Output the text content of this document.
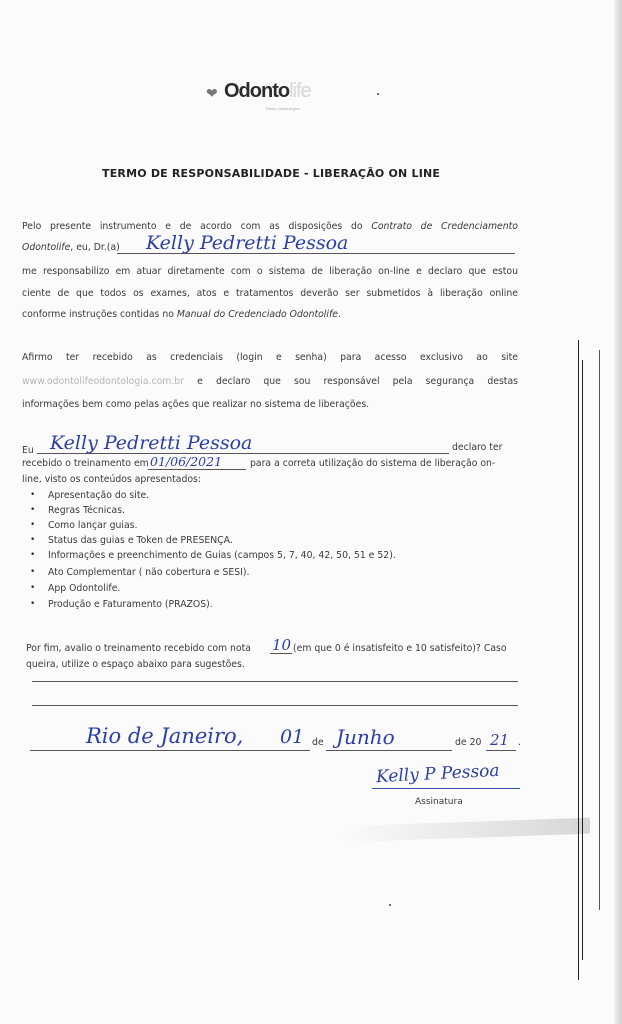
❤ Odontolife
Plano odontológico
TERMO DE RESPONSABILIDADE - LIBERAÇÃO ON LINE
Pelo presente instrumento e de acordo com as disposições do Contrato de Credenciamento
Odontolife, eu, Dr.(a) Kelly Pedretti Pessoa
me responsabilizo em atuar diretamente com o sistema de liberação on-line e declaro que estou
ciente de que todos os exames, atos e tratamentos deverão ser submetidos à liberação online
conforme instruções contidas no Manual do Credenciado Odontolife.
Afirmo ter recebido as credenciais (login e senha) para acesso exclusivo ao site
www.odontolifeodontologia.com.br e declaro que sou responsável pela segurança destas
informações bem como pelas ações que realizar no sistema de liberações.
Eu Kelly Pedretti Pessoa	declaro ter
recebido o treinamento em 01/06/2021	para a correta utilização do sistema de liberação on-
line, visto os conteúdos apresentados:
• Apresentação do site.
• Regras Técnicas.
• Como lançar guias.
• Status das guias e Token de PRESENÇA.
• Informações e preenchimento de Guias (campos 5, 7, 40, 42, 50, 51 e 52).
• Ato Complementar ( não cobertura e SESI).
• App Odontolife.
• Produção e Faturamento (PRAZOS).
Por fim, avalio o treinamento recebido com nota 10 (em que 0 é insatisfeito e 10 satisfeito)? Caso
queira, utilize o espaço abaixo para sugestões.
Rio de Janeiro, 01 de Junho	de 20 21 .
Kelly P Pessoa
Assinatura
